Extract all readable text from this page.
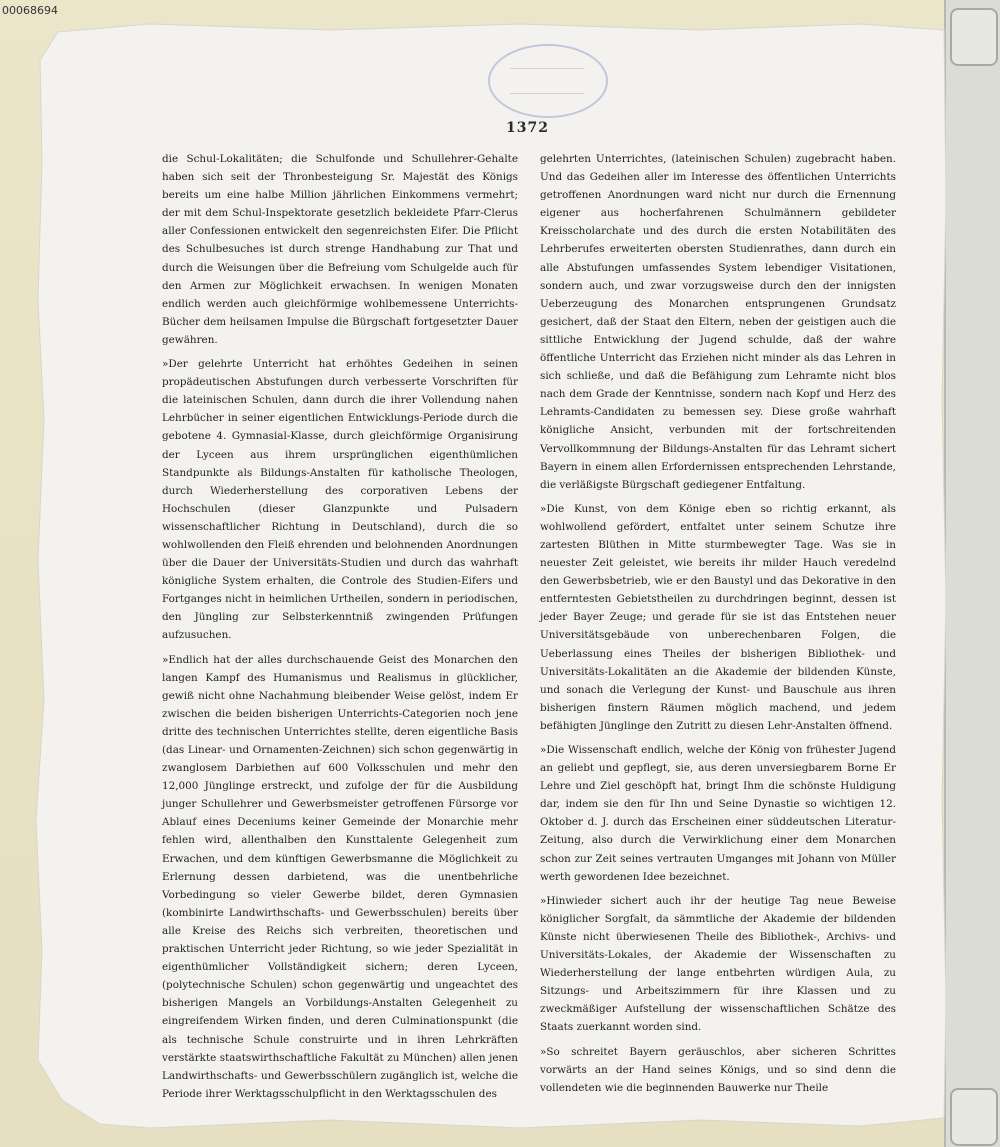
00068694
1372

die Schul-Lokalitäten; die Schulfonde und Schullehrer-Gehalte haben sich seit der Thronbesteigung Sr. Majestät des Königs bereits um eine halbe Million jährlichen Einkommens vermehrt; der mit dem Schul-Inspektorate gesetzlich bekleidete Pfarr-Clerus aller Confessionen entwickelt den segenreichsten Eifer. Die Pflicht des Schulbesuches ist durch strenge Handhabung zur That und durch die Weisungen über die Befreiung vom Schulgelde auch für den Armen zur Möglichkeit erwachsen. In wenigen Monaten endlich werden auch gleichförmige wohlbemessene Unterrichts-Bücher dem heilsamen Impulse die Bürgschaft fortgesetzter Dauer gewähren.

»Der gelehrte Unterricht hat erhöhtes Gedeihen in seinen propädeutischen Abstufungen durch verbesserte Vorschriften für die lateinischen Schulen, dann durch die ihrer Vollendung nahen Lehrbücher in seiner eigentlichen Entwicklungs-Periode durch die gebotene 4. Gymnasial-Klasse, durch gleichförmige Organisirung der Lyceen aus ihrem ursprünglichen eigenthümlichen Standpunkte als Bildungs-Anstalten für katholische Theologen, durch Wiederherstellung des corporativen Lebens der Hochschulen (dieser Glanzpunkte und Pulsadern wissenschaftlicher Richtung in Deutschland), durch die so wohlwollenden den Fleiß ehrenden und belohnenden Anordnungen über die Dauer der Universitäts-Studien und durch das wahrhaft königliche System erhalten, die Controle des Studien-Eifers und Fortganges nicht in heimlichen Urtheilen, sondern in periodischen, den Jüngling zur Selbsterkenntniß zwingenden Prüfungen aufzusuchen.

»Endlich hat der alles durchschauende Geist des Monarchen den langen Kampf des Humanismus und Realismus in glücklicher, gewiß nicht ohne Nachahmung bleibender Weise gelöst, indem Er zwischen die beiden bisherigen Unterrichts-Categorien noch jene dritte des technischen Unterrichtes stellte, deren eigentliche Basis (das Linear- und Ornamenten-Zeichnen) sich schon gegenwärtig in zwanglosem Darbiethen auf 600 Volksschulen und mehr den 12,000 Jünglinge erstreckt, und zufolge der für die Ausbildung junger Schullehrer und Gewerbsmeister getroffenen Fürsorge vor Ablauf eines Deceniums keiner Gemeinde der Monarchie mehr fehlen wird, allenthalben den Kunsttalente Gelegenheit zum Erwachen, und dem künftigen Gewerbsmanne die Möglichkeit zu Erlernung dessen darbietend, was die unentbehrliche Vorbedingung so vieler Gewerbe bildet, deren Gymnasien (kombinirte Landwirthschafts- und Gewerbsschulen) bereits über alle Kreise des Reichs sich verbreiten, theoretischen und praktischen Unterricht jeder Richtung, so wie jeder Spezialität in eigenthümlicher Vollständigkeit sichern; deren Lyceen, (polytechnische Schulen) schon gegenwärtig und ungeachtet des bisherigen Mangels an Vorbildungs-Anstalten Gelegenheit zu eingreifendem Wirken finden, und deren Culminationspunkt (die als technische Schule construirte und in ihren Lehrkräften verstärkte staatswirthschaftliche Fakultät zu München) allen jenen Landwirthschafts- und Gewerbsschülern zugänglich ist, welche die Periode ihrer Werktagsschulpflicht in den Werktagsschulen des

gelehrten Unterrichtes, (lateinischen Schulen) zugebracht haben. Und das Gedeihen aller im Interesse des öffentlichen Unterrichts getroffenen Anordnungen ward nicht nur durch die Ernennung eigener aus hocherfahrenen Schulmännern gebildeter Kreisscholarchate und des durch die ersten Notabilitäten des Lehrberufes erweiterten obersten Studienrathes, dann durch ein alle Abstufungen umfassendes System lebendiger Visitationen, sondern auch, und zwar vorzugsweise durch den der innigsten Ueberzeugung des Monarchen entsprungenen Grundsatz gesichert, daß der Staat den Eltern, neben der geistigen auch die sittliche Entwicklung der Jugend schulde, daß der wahre öffentliche Unterricht das Erziehen nicht minder als das Lehren in sich schließe, und daß die Befähigung zum Lehramte nicht blos nach dem Grade der Kenntnisse, sondern nach Kopf und Herz des Lehramts-Candidaten zu bemessen sey. Diese große wahrhaft königliche Ansicht, verbunden mit der fortschreitenden Vervollkommnung der Bildungs-Anstalten für das Lehramt sichert Bayern in einem allen Erfordernissen entsprechenden Lehrstande, die verläßigste Bürgschaft gediegener Entfaltung.

»Die Kunst, von dem Könige eben so richtig erkannt, als wohlwollend gefördert, entfaltet unter seinem Schutze ihre zartesten Blüthen in Mitte sturmbewegter Tage. Was sie in neuester Zeit geleistet, wie bereits ihr milder Hauch veredelnd den Gewerbsbetrieb, wie er den Baustyl und das Dekorative in den entferntesten Gebietstheilen zu durchdringen beginnt, dessen ist jeder Bayer Zeuge; und gerade für sie ist das Entstehen neuer Universitätsgebäude von unberechenbaren Folgen, die Ueberlassung eines Theiles der bisherigen Bibliothek- und Universitäts-Lokalitäten an die Akademie der bildenden Künste, und sonach die Verlegung der Kunst- und Bauschule aus ihren bisherigen finstern Räumen möglich machend, und jedem befähigten Jünglinge den Zutritt zu diesen Lehr-Anstalten öffnend.

»Die Wissenschaft endlich, welche der König von frühester Jugend an geliebt und gepflegt, sie, aus deren unversiegbarem Borne Er Lehre und Ziel geschöpft hat, bringt Ihm die schönste Huldigung dar, indem sie den für Ihn und Seine Dynastie so wichtigen 12. Oktober d. J. durch das Erscheinen einer süddeutschen Literatur-Zeitung, also durch die Verwirklichung einer dem Monarchen schon zur Zeit seines vertrauten Umganges mit Johann von Müller werth gewordenen Idee bezeichnet.

»Hinwieder sichert auch ihr der heutige Tag neue Beweise königlicher Sorgfalt, da sämmtliche der Akademie der bildenden Künste nicht überwiesenen Theile des Bibliothek-, Archivs- und Universitäts-Lokales, der Akademie der Wissenschaften zu Wiederherstellung der lange entbehrten würdigen Aula, zu Sitzungs- und Arbeitszimmern für ihre Klassen und zu zweckmäßiger Aufstellung der wissenschaftlichen Schätze des Staats zuerkannt worden sind.

»So schreitet Bayern geräuschlos, aber sicheren Schrittes vorwärts an der Hand seines Königs, und so sind denn die vollendeten wie die beginnenden Bauwerke nur Theile
